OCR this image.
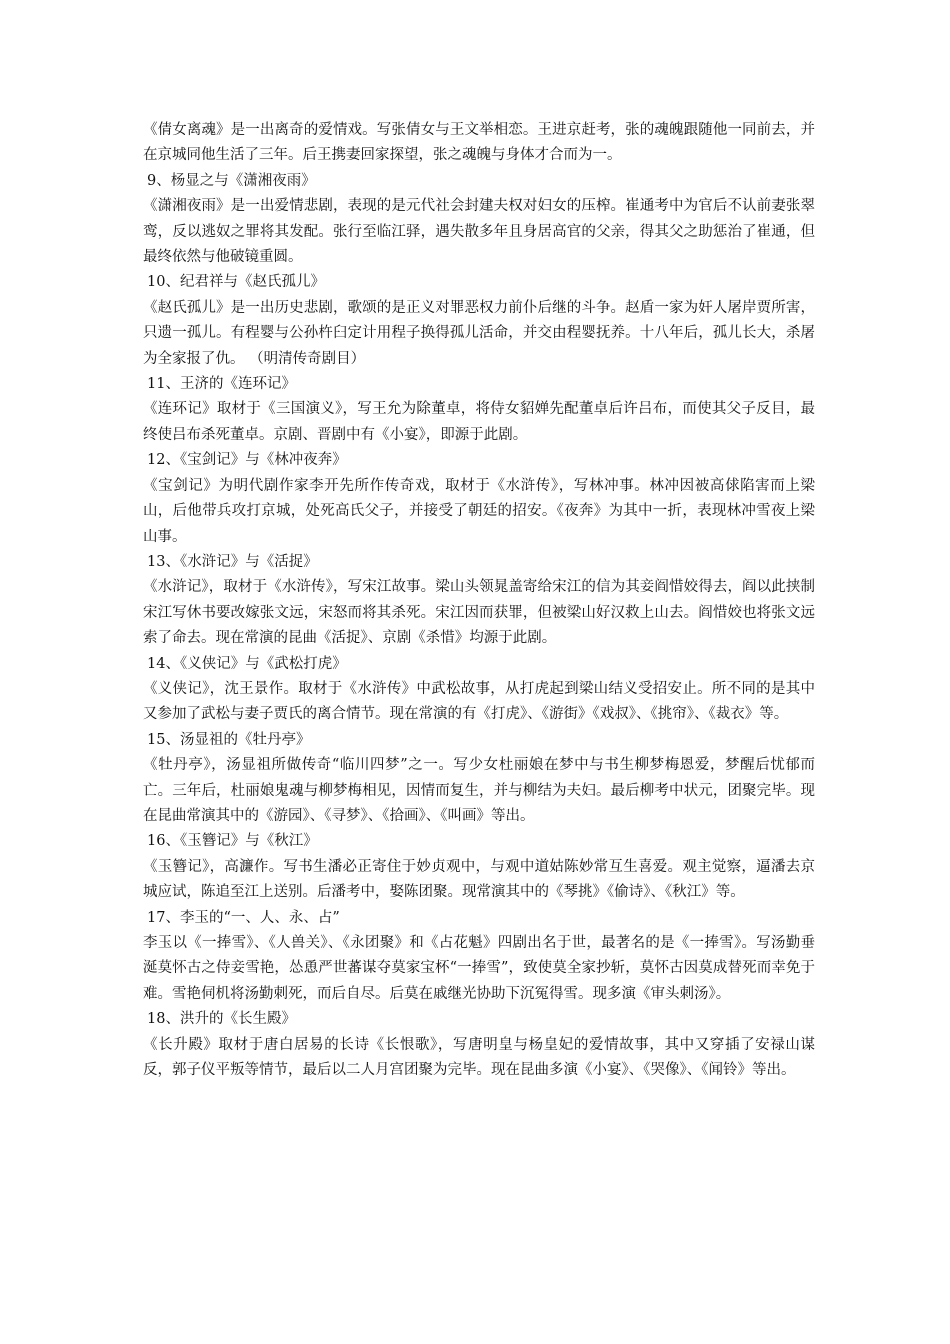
《倩女离魂》是一出离奇的爱情戏。写张倩女与王文举相恋。王进京赶考，张的魂魄跟随他一同前去，并在京城同他生活了三年。后王携妻回家探望，张之魂魄与身体才合而为一。

9、杨显之与《潇湘夜雨》

《潇湘夜雨》是一出爱情悲剧，表现的是元代社会封建夫权对妇女的压榨。崔通考中为官后不认前妻张翠鸾，反以逃奴之罪将其发配。张行至临江驿，遇失散多年且身居高官的父亲，得其父之助惩治了崔通，但最终依然与他破镜重圆。

10、纪君祥与《赵氏孤儿》

《赵氏孤儿》是一出历史悲剧，歌颂的是正义对罪恶权力前仆后继的斗争。赵盾一家为奸人屠岸贾所害，只遗一孤儿。有程婴与公孙杵臼定计用程子换得孤儿活命，并交由程婴抚养。十八年后，孤儿长大，杀屠为全家报了仇。 （明清传奇剧目）

11、王济的《连环记》

《连环记》取材于《三国演义》，写王允为除董卓，将侍女貂婵先配董卓后许吕布，而使其父子反目，最终使吕布杀死董卓。京剧、晋剧中有《小宴》，即源于此剧。

12、《宝剑记》与《林冲夜奔》

《宝剑记》为明代剧作家李开先所作传奇戏，取材于《水浒传》，写林冲事。林冲因被高俅陷害而上梁山，后他带兵攻打京城，处死高氏父子，并接受了朝廷的招安。《夜奔》为其中一折，表现林冲雪夜上梁山事。

13、《水浒记》与《活捉》

《水浒记》，取材于《水浒传》，写宋江故事。梁山头领晁盖寄给宋江的信为其妾阎惜姣得去，阎以此挟制宋江写休书要改嫁张文远，宋怒而将其杀死。宋江因而获罪，但被梁山好汉救上山去。阎惜姣也将张文远索了命去。现在常演的昆曲《活捉》、京剧《杀惜》均源于此剧。

14、《义侠记》与《武松打虎》

《义侠记》，沈王景作。取材于《水浒传》中武松故事，从打虎起到梁山结义受招安止。所不同的是其中又参加了武松与妻子贾氏的离合情节。现在常演的有《打虎》、《游街》《戏叔》、《挑帘》、《裁衣》等。

15、汤显祖的《牡丹亭》

《牡丹亭》，汤显祖所做传奇“临川四梦”之一。写少女杜丽娘在梦中与书生柳梦梅恩爱，梦醒后忧郁而亡。三年后，杜丽娘鬼魂与柳梦梅相见，因情而复生，并与柳结为夫妇。最后柳考中状元，团聚完毕。现在昆曲常演其中的《游园》、《寻梦》、《拾画》、《叫画》等出。

16、《玉簪记》与《秋江》

《玉簪记》，高濂作。写书生潘必正寄住于妙贞观中，与观中道姑陈妙常互生喜爱。观主觉察，逼潘去京城应试，陈追至江上送别。后潘考中，娶陈团聚。现常演其中的《琴挑》《偷诗》、《秋江》等。

17、李玉的“一、人、永、占”

李玉以《一捧雪》、《人兽关》、《永团聚》和《占花魁》四剧出名于世，最著名的是《一捧雪》。写汤勤垂涎莫怀古之侍妾雪艳，怂恿严世蕃谋夺莫家宝杯“一捧雪”，致使莫全家抄斩，莫怀古因莫成替死而幸免于难。雪艳伺机将汤勤刺死，而后自尽。后莫在戚继光协助下沉冤得雪。现多演《审头刺汤》。

18、洪升的《长生殿》

《长升殿》取材于唐白居易的长诗《长恨歌》，写唐明皇与杨皇妃的爱情故事，其中又穿插了安禄山谋反，郭子仪平叛等情节，最后以二人月宫团聚为完毕。现在昆曲多演《小宴》、《哭像》、《闻铃》等出。
